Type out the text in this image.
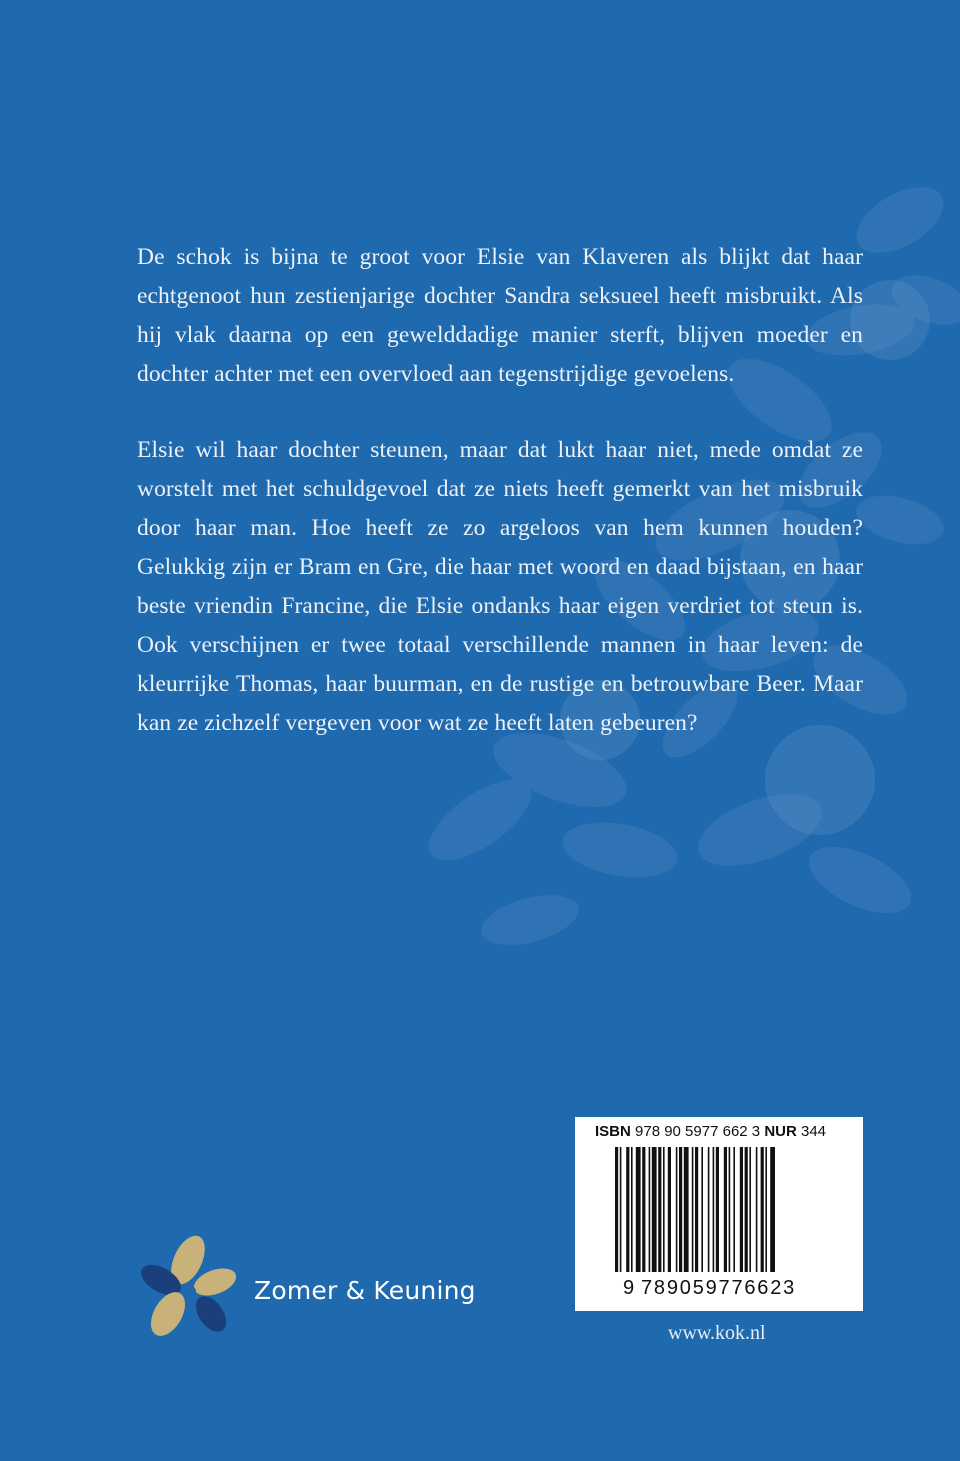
De schok is bijna te groot voor Elsie van Klaveren als blijkt dat haar echtgenoot hun zestienjarige dochter Sandra seksueel heeft misbruikt. Als hij vlak daarna op een gewelddadige manier sterft, blijven moeder en dochter achter met een overvloed aan tegenstrijdige gevoelens.

Elsie wil haar dochter steunen, maar dat lukt haar niet, mede omdat ze worstelt met het schuldgevoel dat ze niets heeft gemerkt van het misbruik door haar man. Hoe heeft ze zo argeloos van hem kunnen houden? Gelukkig zijn er Bram en Gre, die haar met woord en daad bijstaan, en haar beste vriendin Francine, die Elsie ondanks haar eigen verdriet tot steun is. Ook verschijnen er twee totaal verschillende mannen in haar leven: de kleurrijke Thomas, haar buurman, en de rustige en betrouwbare Beer. Maar kan ze zichzelf vergeven voor wat ze heeft laten gebeuren?

ISBN 978 90 5977 662 3 NUR 344
9 789059776623
Zomer & Keuning
www.kok.nl
